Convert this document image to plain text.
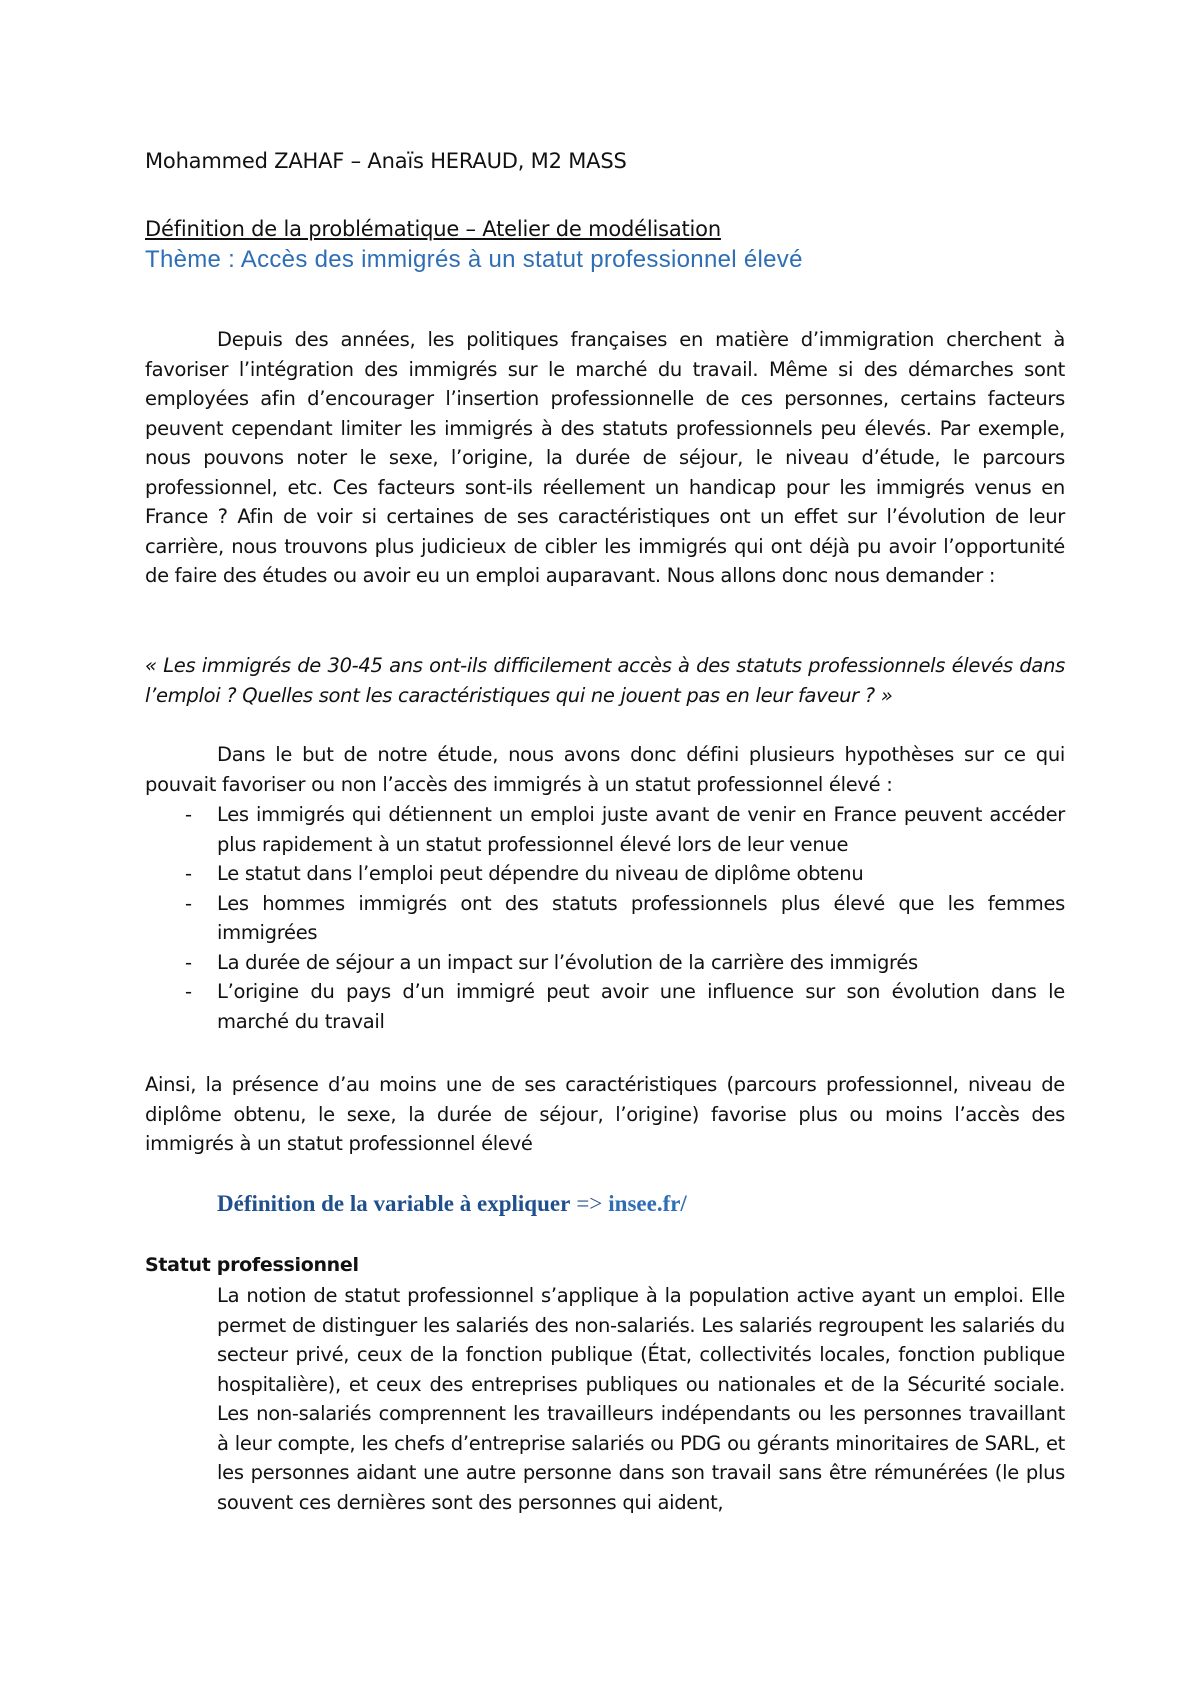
Mohammed ZAHAF – Anaïs HERAUD, M2 MASS
Définition de la problématique – Atelier de modélisation
Thème : Accès des immigrés à un statut professionnel élevé
Depuis des années, les politiques françaises en matière d’immigration cherchent à favoriser l’intégration des immigrés sur le marché du travail. Même si des démarches sont employées afin d’encourager l’insertion professionnelle de ces personnes, certains facteurs peuvent cependant limiter les immigrés à des statuts professionnels peu élevés. Par exemple, nous pouvons noter le sexe, l’origine, la durée de séjour, le niveau d’étude, le parcours professionnel, etc. Ces facteurs sont-ils réellement un handicap pour les immigrés venus en France ? Afin de voir si certaines de ses caractéristiques ont un effet sur l’évolution de leur carrière, nous trouvons plus judicieux de cibler les immigrés qui ont déjà pu avoir l’opportunité de faire des études ou avoir eu un emploi auparavant. Nous allons donc nous demander :
« Les immigrés de 30-45 ans ont-ils difficilement accès à des statuts professionnels élevés dans l’emploi ? Quelles sont les caractéristiques qui ne jouent pas en leur faveur ? »
Dans le but de notre étude, nous avons donc défini plusieurs hypothèses sur ce qui pouvait favoriser ou non l’accès des immigrés à un statut professionnel élevé :
- Les immigrés qui détiennent un emploi juste avant de venir en France peuvent accéder plus rapidement à un statut professionnel élevé lors de leur venue
- Le statut dans l’emploi peut dépendre du niveau de diplôme obtenu
- Les hommes immigrés ont des statuts professionnels plus élevé que les femmes immigrées
- La durée de séjour a un impact sur l’évolution de la carrière des immigrés
- L’origine du pays d’un immigré peut avoir une influence sur son évolution dans le marché du travail
Ainsi, la présence d’au moins une de ses caractéristiques (parcours professionnel, niveau de diplôme obtenu, le sexe, la durée de séjour, l’origine) favorise plus ou moins l’accès des immigrés à un statut professionnel élevé
Définition de la variable à expliquer => insee.fr/
Statut professionnel
La notion de statut professionnel s’applique à la population active ayant un emploi. Elle permet de distinguer les salariés des non-salariés. Les salariés regroupent les salariés du secteur privé, ceux de la fonction publique (État, collectivités locales, fonction publique hospitalière), et ceux des entreprises publiques ou nationales et de la Sécurité sociale. Les non-salariés comprennent les travailleurs indépendants ou les personnes travaillant à leur compte, les chefs d’entreprise salariés ou PDG ou gérants minoritaires de SARL, et les personnes aidant une autre personne dans son travail sans être rémunérées (le plus souvent ces dernières sont des personnes qui aident,
